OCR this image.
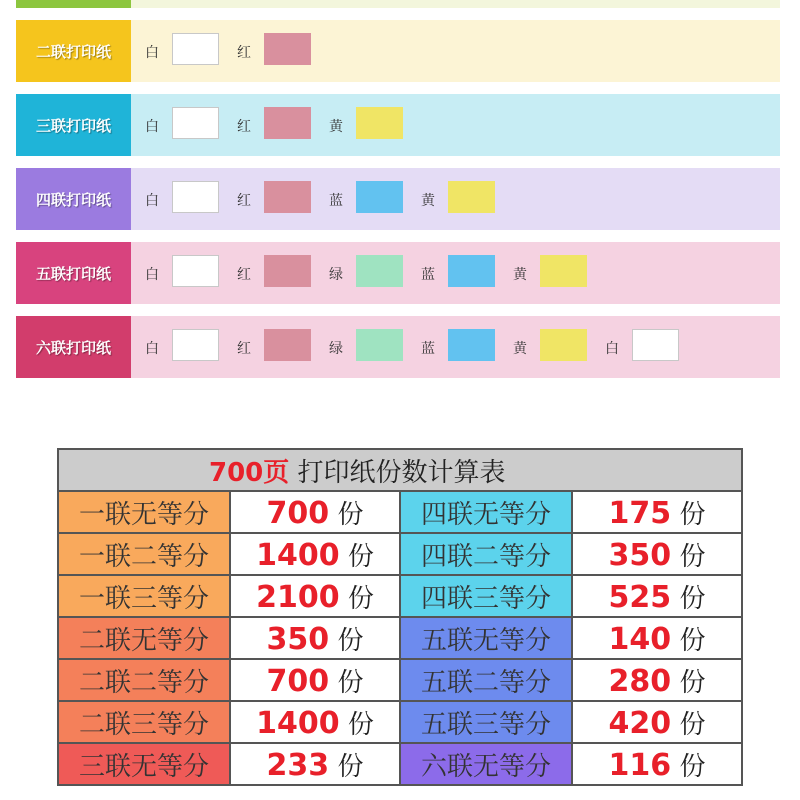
二联打印纸	白	红
三联打印纸	白	红	黄
四联打印纸	白	红	蓝	黄
五联打印纸	白	红	绿	蓝	黄
六联打印纸	白	红	绿	蓝	黄	白
700页 打印纸份数计算表			
一联无等分	700 份	四联无等分	175 份
一联二等分	1400 份	四联二等分	350 份
一联三等分	2100 份	四联三等分	525 份
二联无等分	350 份	五联无等分	140 份
二联二等分	700 份	五联二等分	280 份
二联三等分	1400 份	五联三等分	420 份
三联无等分	233 份	六联无等分	116 份
